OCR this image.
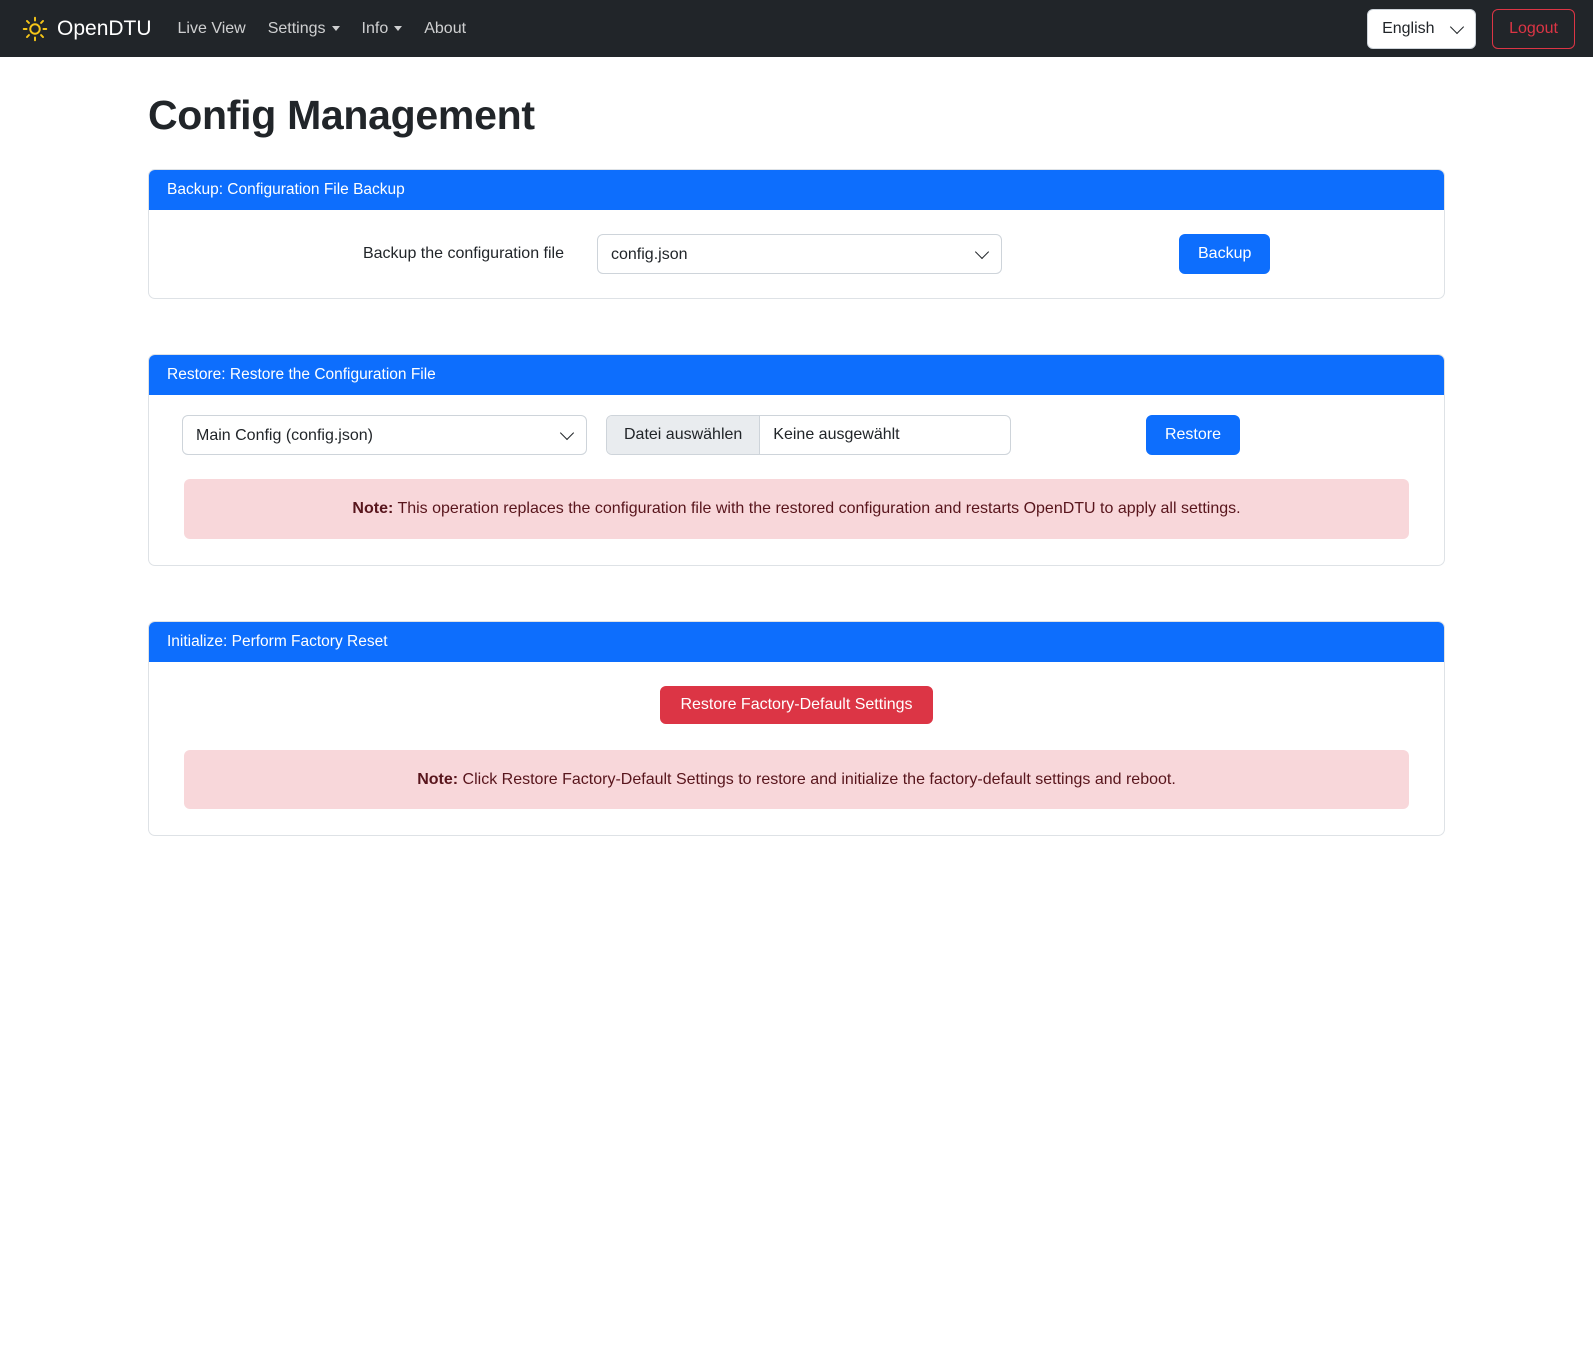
OpenDTU Live View Settings Info About
English	Logout
Config Management
Backup: Configuration File Backup
Backup the configuration file
config.json	Backup
Restore: Restore the Configuration File
Main Config (config.json)
Datei auswählen	Keine ausgewählt	Restore
Note: This operation replaces the configuration file with the restored configuration and restarts OpenDTU to apply all settings.
Initialize: Perform Factory Reset
Restore Factory-Default Settings
Note: Click Restore Factory-Default Settings to restore and initialize the factory-default settings and reboot.
